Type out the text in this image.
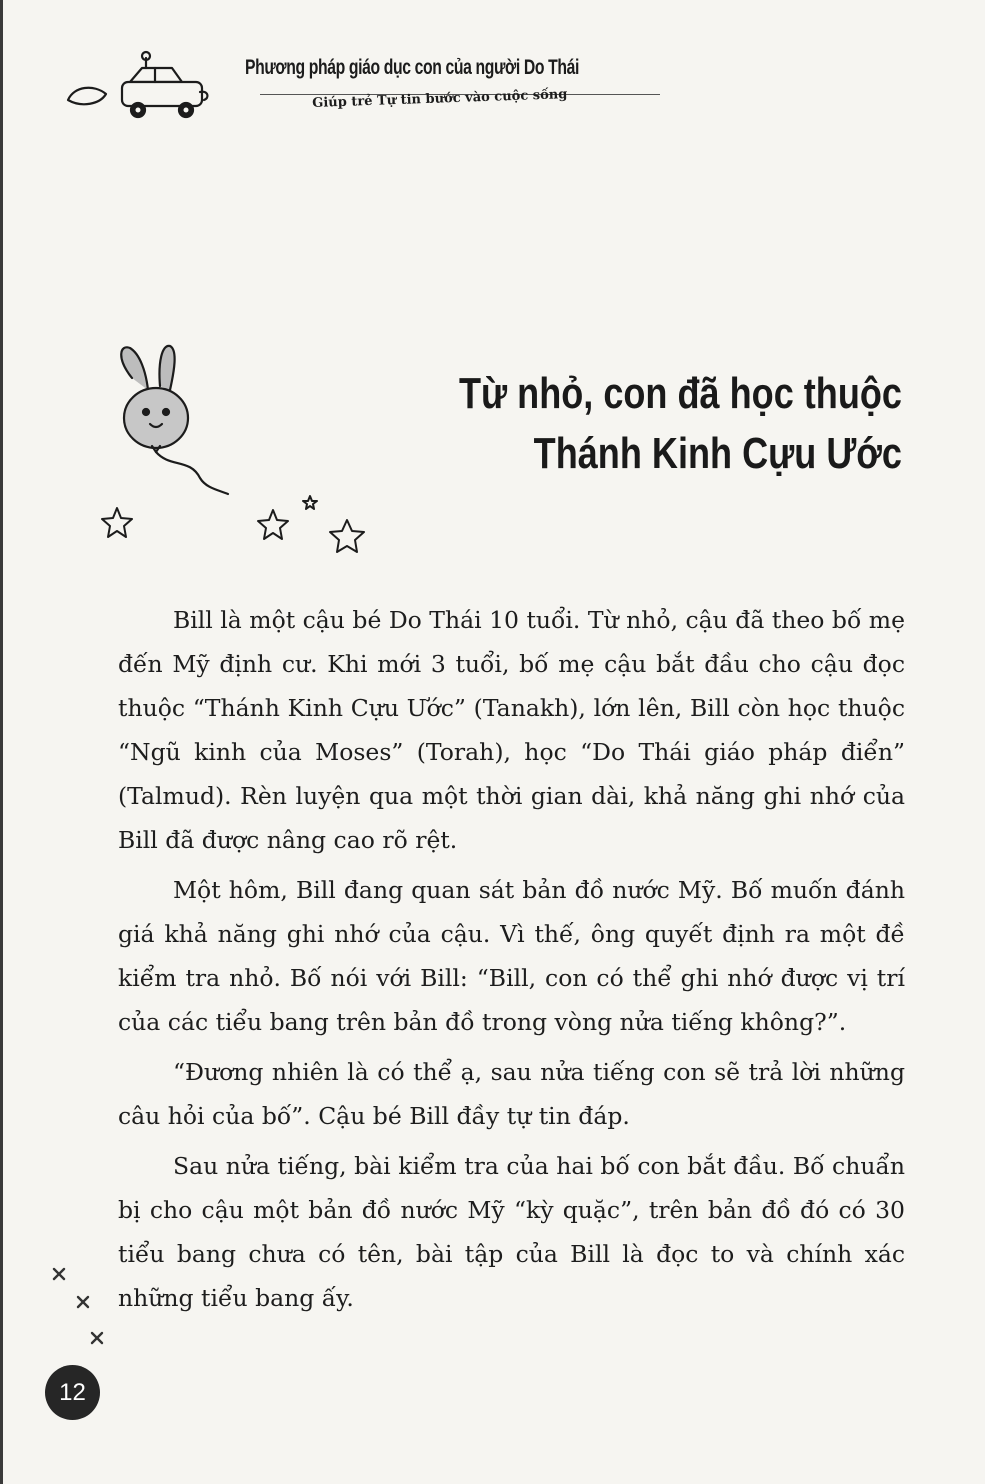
Phương pháp giáo dục con của người Do Thái
Giúp trẻ Tự tin bước vào cuộc sống
Từ nhỏ, con đã học thuộc
Thánh Kinh Cựu Ước

Bill là một cậu bé Do Thái 10 tuổi. Từ nhỏ, cậu đã theo bố mẹ đến Mỹ định cư. Khi mới 3 tuổi, bố mẹ cậu bắt đầu cho cậu đọc thuộc “Thánh Kinh Cựu Ước” (Tanakh), lớn lên, Bill còn học thuộc “Ngũ kinh của Moses” (Torah), học “Do Thái giáo pháp điển” (Talmud). Rèn luyện qua một thời gian dài, khả năng ghi nhớ của Bill đã được nâng cao rõ rệt.

Một hôm, Bill đang quan sát bản đồ nước Mỹ. Bố muốn đánh giá khả năng ghi nhớ của cậu. Vì thế, ông quyết định ra một đề kiểm tra nhỏ. Bố nói với Bill: “Bill, con có thể ghi nhớ được vị trí của các tiểu bang trên bản đồ trong vòng nửa tiếng không?”.

“Đương nhiên là có thể ạ, sau nửa tiếng con sẽ trả lời những câu hỏi của bố”. Cậu bé Bill đầy tự tin đáp.

Sau nửa tiếng, bài kiểm tra của hai bố con bắt đầu. Bố chuẩn bị cho cậu một bản đồ nước Mỹ “kỳ quặc”, trên bản đồ đó có 30 tiểu bang chưa có tên, bài tập của Bill là đọc to và chính xác những tiểu bang ấy.

12
